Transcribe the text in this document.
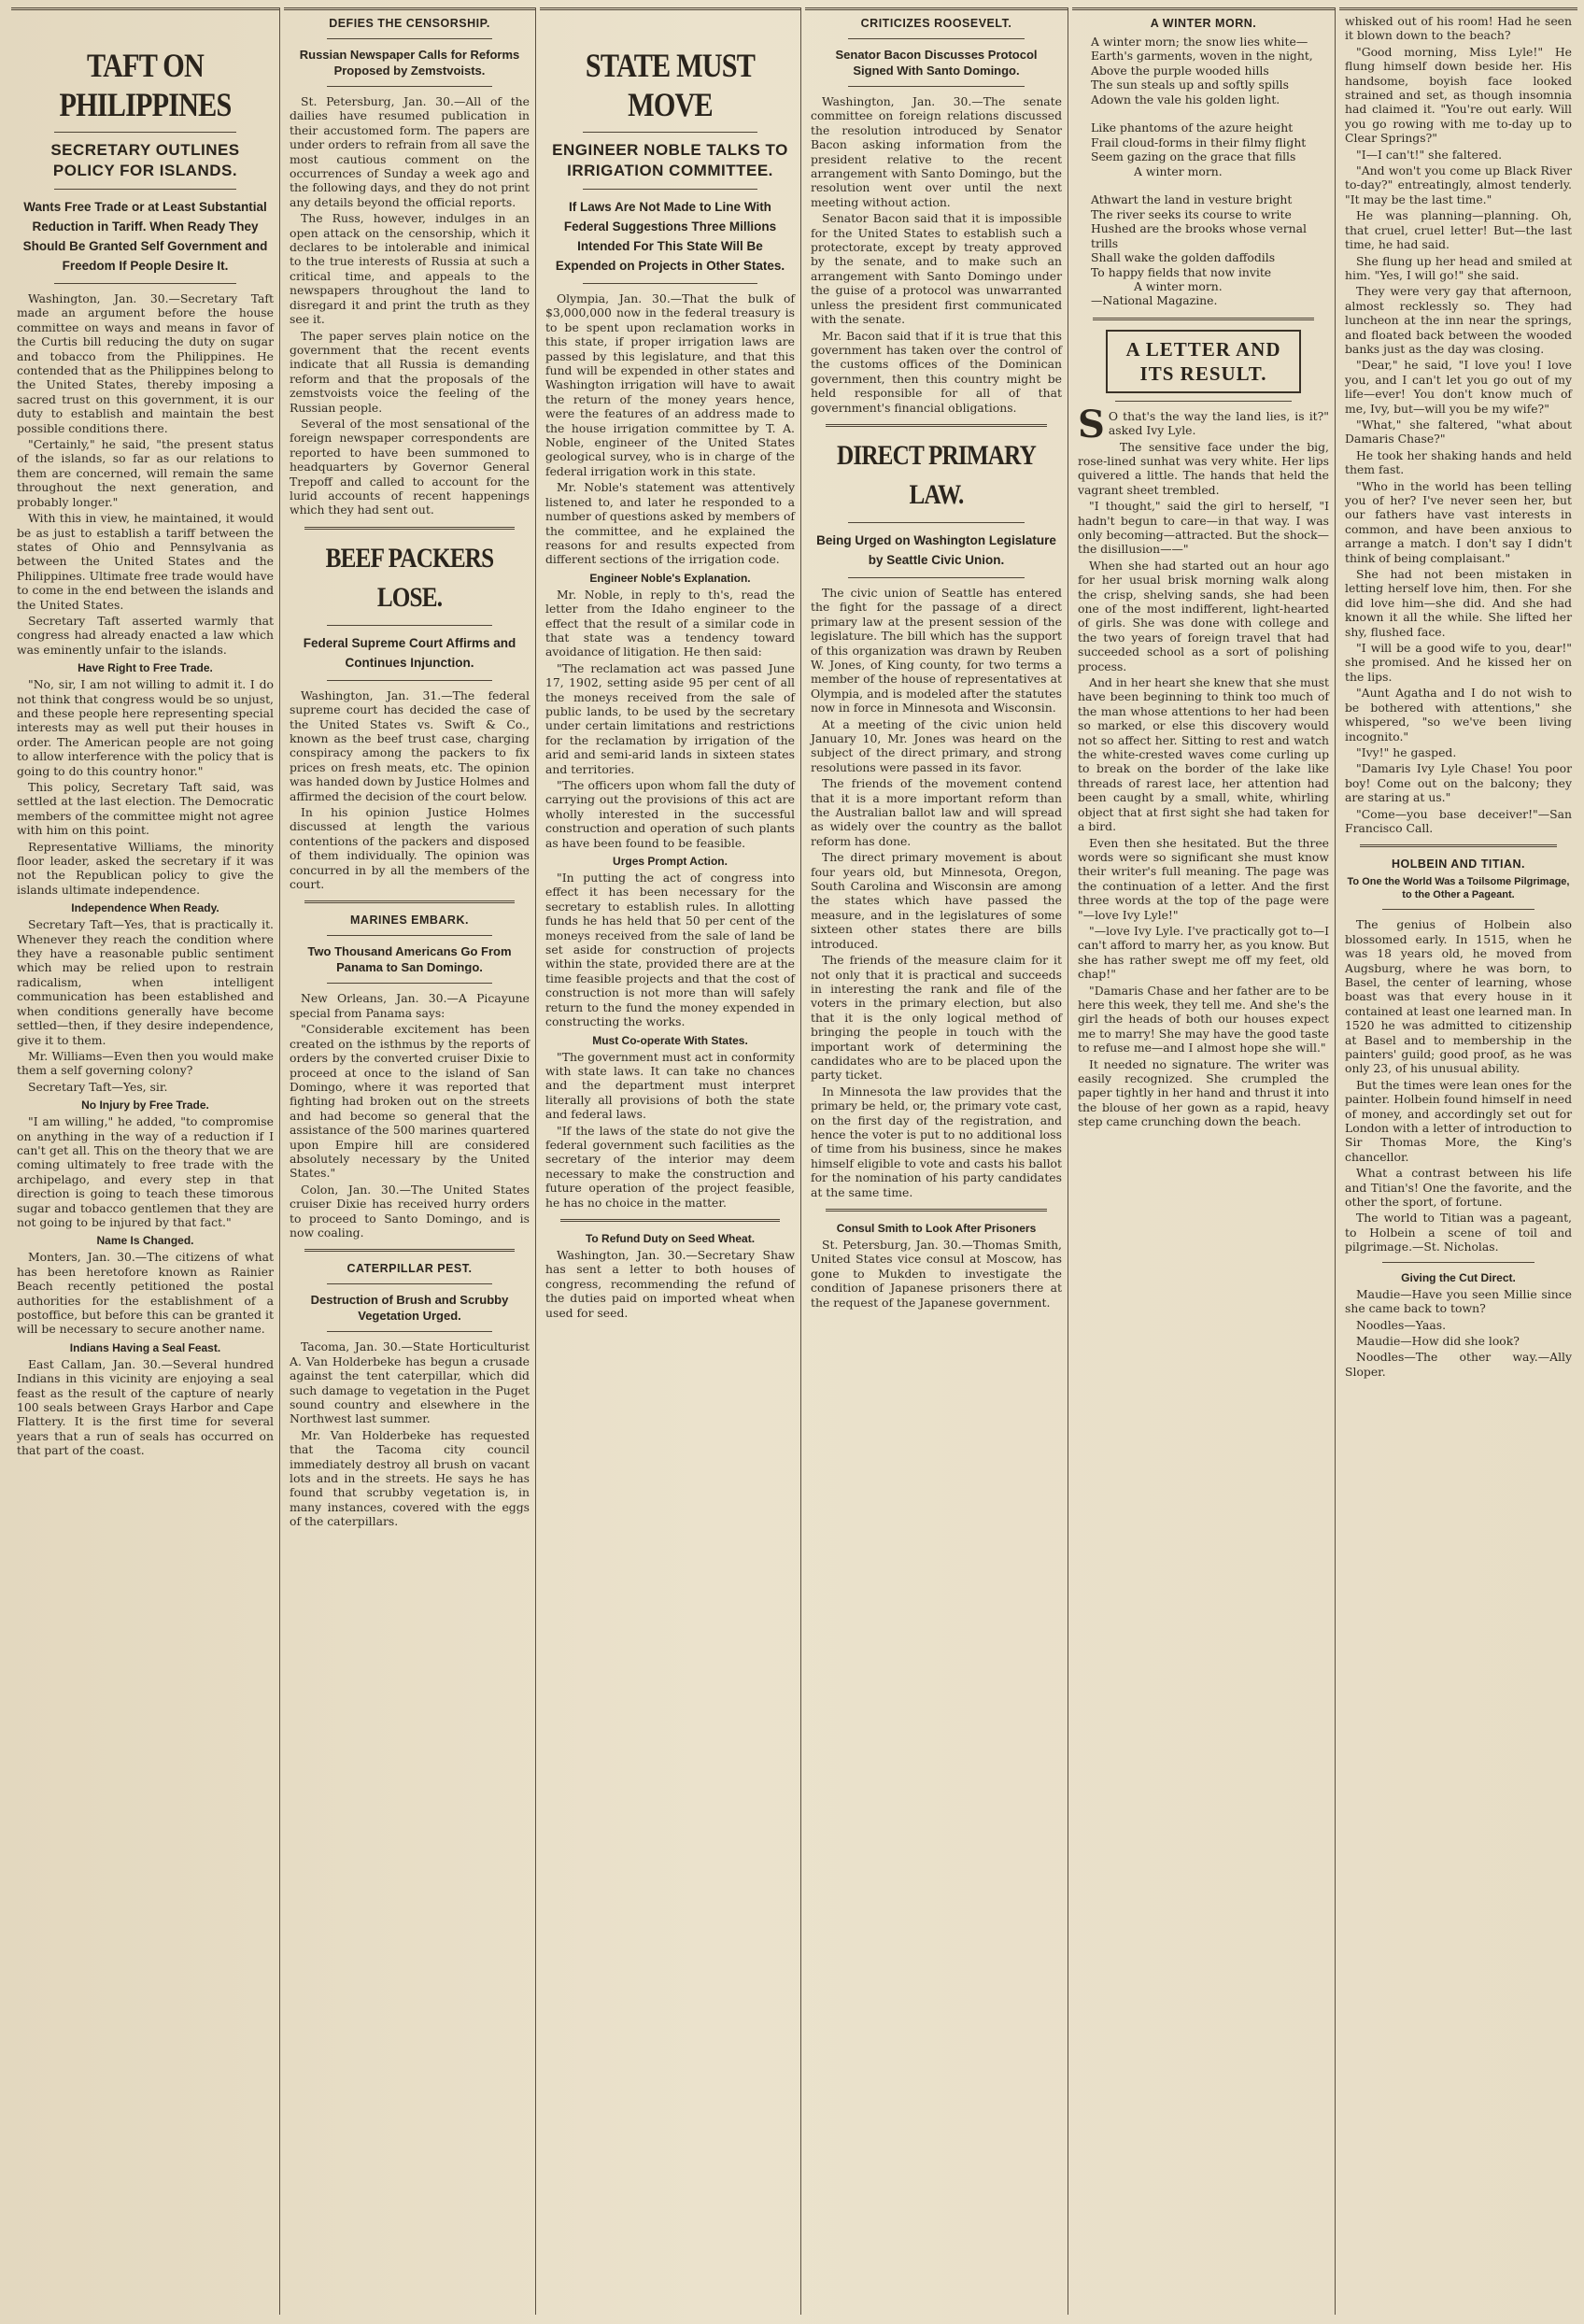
TAFT ON PHILIPPINES
SECRETARY OUTLINES POLICY FOR ISLANDS.
Wants Free Trade or at Least Substantial Reduction in Tariff. When Ready They Should Be Granted Self Government and Freedom If People Desire It.

Washington, Jan. 30.—Secretary Taft made an argument before the house committee on ways and means in favor of the Curtis bill reducing the duty on sugar and tobacco from the Philippines. He contended that as the Philippines belong to the United States, thereby imposing a sacred trust on this government, it is our duty to establish and maintain the best possible conditions there.

"Certainly," he said, "the present status of the islands, so far as our relations to them are concerned, will remain the same throughout the next generation, and probably longer."

With this in view, he maintained, it would be as just to establish a tariff between the states of Ohio and Pennsylvania as between the United States and the Philippines. Ultimate free trade would have to come in the end between the islands and the United States.

Secretary Taft asserted warmly that congress had already enacted a law which was eminently unfair to the islands.

Have Right to Free Trade.

"No, sir, I am not willing to admit it. I do not think that congress would be so unjust, and these people here representing special interests may as well put their houses in order. The American people are not going to allow interference with the policy that is going to do this country honor."

This policy, Secretary Taft said, was settled at the last election. The Democratic members of the committee might not agree with him on this point.

Representative Williams, the minority floor leader, asked the secretary if it was not the Republican policy to give the islands ultimate independence.

Independence When Ready.

Secretary Taft—Yes, that is practically it. Whenever they reach the condition where they have a reasonable public sentiment which may be relied upon to restrain radicalism, when intelligent communication has been established and when conditions generally have become settled—then, if they desire independence, give it to them.

Mr. Williams—Even then you would make them a self governing colony?

Secretary Taft—Yes, sir.

No Injury by Free Trade.

"I am willing," he added, "to compromise on anything in the way of a reduction if I can't get all. This on the theory that we are coming ultimately to free trade with the archipelago, and every step in that direction is going to teach these timorous sugar and tobacco gentlemen that they are not going to be injured by that fact."

Name Is Changed.

Monters, Jan. 30.—The citizens of what has been heretofore known as Rainier Beach recently petitioned the postal authorities for the establishment of a postoffice, but before this can be granted it will be necessary to secure another name.

Indians Having a Seal Feast.

East Callam, Jan. 30.—Several hundred Indians in this vicinity are enjoying a seal feast as the result of the capture of nearly 100 seals between Grays Harbor and Cape Flattery. It is the first time for several years that a run of seals has occurred on that part of the coast.

DEFIES THE CENSORSHIP.
Russian Newspaper Calls for Reforms Proposed by Zemstvoists.

St. Petersburg, Jan. 30.—All of the dailies have resumed publication in their accustomed form. The papers are under orders to refrain from all save the most cautious comment on the occurrences of Sunday a week ago and the following days, and they do not print any details beyond the official reports.

The Russ, however, indulges in an open attack on the censorship, which it declares to be intolerable and inimical to the true interests of Russia at such a critical time, and appeals to the newspapers throughout the land to disregard it and print the truth as they see it.

The paper serves plain notice on the government that the recent events indicate that all Russia is demanding reform and that the proposals of the zemstvoists voice the feeling of the Russian people.

Several of the most sensational of the foreign newspaper correspondents are reported to have been summoned to headquarters by Governor General Trepoff and called to account for the lurid accounts of recent happenings which they had sent out.

BEEF PACKERS LOSE.
Federal Supreme Court Affirms and Continues Injunction.

Washington, Jan. 31.—The federal supreme court has decided the case of the United States vs. Swift & Co., known as the beef trust case, charging conspiracy among the packers to fix prices on fresh meats, etc. The opinion was handed down by Justice Holmes and affirmed the decision of the court below.

In his opinion Justice Holmes discussed at length the various contentions of the packers and disposed of them individually. The opinion was concurred in by all the members of the court.

MARINES EMBARK.
Two Thousand Americans Go From Panama to San Domingo.

New Orleans, Jan. 30.—A Picayune special from Panama says:

"Considerable excitement has been created on the isthmus by the reports of orders by the converted cruiser Dixie to proceed at once to the island of San Domingo, where it was reported that fighting had broken out on the streets and had become so general that the assistance of the 500 marines quartered upon Empire hill are considered absolutely necessary by the United States."

Colon, Jan. 30.—The United States cruiser Dixie has received hurry orders to proceed to Santo Domingo, and is now coaling.

CATERPILLAR PEST.
Destruction of Brush and Scrubby Vegetation Urged.

Tacoma, Jan. 30.—State Horticulturist A. Van Holderbeke has begun a crusade against the tent caterpillar, which did such damage to vegetation in the Puget sound country and elsewhere in the Northwest last summer.

Mr. Van Holderbeke has requested that the Tacoma city council immediately destroy all brush on vacant lots and in the streets. He says he has found that scrubby vegetation is, in many instances, covered with the eggs of the caterpillars.

STATE MUST MOVE
ENGINEER NOBLE TALKS TO IRRIGATION COMMITTEE.
If Laws Are Not Made to Line With Federal Suggestions Three Millions Intended For This State Will Be Expended on Projects in Other States.

Olympia, Jan. 30.—That the bulk of $3,000,000 now in the federal treasury is to be spent upon reclamation works in this state, if proper irrigation laws are passed by this legislature, and that this fund will be expended in other states and Washington irrigation will have to await the return of the money years hence, were the features of an address made to the house irrigation committee by T. A. Noble, engineer of the United States geological survey, who is in charge of the federal irrigation work in this state.

Mr. Noble's statement was attentively listened to, and later he responded to a number of questions asked by members of the committee, and he explained the reasons for and results expected from different sections of the irrigation code.

Engineer Noble's Explanation.

Mr. Noble, in reply to th's, read the letter from the Idaho engineer to the effect that the result of a similar code in that state was a tendency toward avoidance of litigation. He then said:

"The reclamation act was passed June 17, 1902, setting aside 95 per cent of all the moneys received from the sale of public lands, to be used by the secretary under certain limitations and restrictions for the reclamation by irrigation of the arid and semi-arid lands in sixteen states and territories.

"The officers upon whom fall the duty of carrying out the provisions of this act are wholly interested in the successful construction and operation of such plants as have been found to be feasible.

Urges Prompt Action.

"In putting the act of congress into effect it has been necessary for the secretary to establish rules. In allotting funds he has held that 50 per cent of the moneys received from the sale of land be set aside for construction of projects within the state, provided there are at the time feasible projects and that the cost of construction is not more than will safely return to the fund the money expended in constructing the works.

Must Co-operate With States.

"The government must act in conformity with state laws. It can take no chances and the department must interpret literally all provisions of both the state and federal laws.

"If the laws of the state do not give the federal government such facilities as the secretary of the interior may deem necessary to make the construction and future operation of the project feasible, he has no choice in the matter.

To Refund Duty on Seed Wheat.

Washington, Jan. 30.—Secretary Shaw has sent a letter to both houses of congress, recommending the refund of the duties paid on imported wheat when used for seed.

CRITICIZES ROOSEVELT.
Senator Bacon Discusses Protocol Signed With Santo Domingo.

Washington, Jan. 30.—The senate committee on foreign relations discussed the resolution introduced by Senator Bacon asking information from the president relative to the recent arrangement with Santo Domingo, but the resolution went over until the next meeting without action.

Senator Bacon said that it is impossible for the United States to establish such a protectorate, except by treaty approved by the senate, and to make such an arrangement with Santo Domingo under the guise of a protocol was unwarranted unless the president first communicated with the senate.

Mr. Bacon said that if it is true that this government has taken over the control of the customs offices of the Dominican government, then this country might be held responsible for all of that government's financial obligations.

DIRECT PRIMARY LAW.
Being Urged on Washington Legislature by Seattle Civic Union.

The civic union of Seattle has entered the fight for the passage of a direct primary law at the present session of the legislature. The bill which has the support of this organization was drawn by Reuben W. Jones, of King county, for two terms a member of the house of representatives at Olympia, and is modeled after the statutes now in force in Minnesota and Wisconsin.

At a meeting of the civic union held January 10, Mr. Jones was heard on the subject of the direct primary, and strong resolutions were passed in its favor.

The friends of the movement contend that it is a more important reform than the Australian ballot law and will spread as widely over the country as the ballot reform has done.

The direct primary movement is about four years old, but Minnesota, Oregon, South Carolina and Wisconsin are among the states which have passed the measure, and in the legislatures of some sixteen other states there are bills introduced.

The friends of the measure claim for it not only that it is practical and succeeds in interesting the rank and file of the voters in the primary election, but also that it is the only logical method of bringing the people in touch with the important work of determining the candidates who are to be placed upon the party ticket.

In Minnesota the law provides that the primary be held, or, the primary vote cast, on the first day of the registration, and hence the voter is put to no additional loss of time from his business, since he makes himself eligible to vote and casts his ballot for the nomination of his party candidates at the same time.

Consul Smith to Look After Prisoners

St. Petersburg, Jan. 30.—Thomas Smith, United States vice consul at Moscow, has gone to Mukden to investigate the condition of Japanese prisoners there at the request of the Japanese government.

A WINTER MORN.

A winter morn; the snow lies white—

Earth's garments, woven in the night,

Above the purple wooded hills

The sun steals up and softly spills

Adown the vale his golden light.

Like phantoms of the azure height

Frail cloud-forms in their filmy flight

Seem gazing on the grace that fills

A winter morn.

Athwart the land in vesture bright

The river seeks its course to write

Hushed are the brooks whose vernal trills

Shall wake the golden daffodils

To happy fields that now invite

A winter morn.

—National Magazine.

A LETTER AND ITS RESULT.

SO that's the way the land lies, is it?" asked Ivy Lyle.

The sensitive face under the big, rose-lined sunhat was very white. Her lips quivered a little. The hands that held the vagrant sheet trembled.

"I thought," said the girl to herself, "I hadn't begun to care—in that way. I was only becoming—attracted. But the shock—the disillusion——"

When she had started out an hour ago for her usual brisk morning walk along the crisp, shelving sands, she had been one of the most indifferent, light-hearted of girls. She was done with college and the two years of foreign travel that had succeeded school as a sort of polishing process.

And in her heart she knew that she must have been beginning to think too much of the man whose attentions to her had been so marked, or else this discovery would not so affect her. Sitting to rest and watch the white-crested waves come curling up to break on the border of the lake like threads of rarest lace, her attention had been caught by a small, white, whirling object that at first sight she had taken for a bird.

Even then she hesitated. But the three words were so significant she must know their writer's full meaning. The page was the continuation of a letter. And the first three words at the top of the page were "—love Ivy Lyle!"

"—love Ivy Lyle. I've practically got to—I can't afford to marry her, as you know. But she has rather swept me off my feet, old chap!"

"Damaris Chase and her father are to be here this week, they tell me. And she's the girl the heads of both our houses expect me to marry! She may have the good taste to refuse me—and I almost hope she will."

It needed no signature. The writer was easily recognized. She crumpled the paper tightly in her hand and thrust it into the blouse of her gown as a rapid, heavy step came crunching down the beach.

whisked out of his room! Had he seen it blown down to the beach?

"Good morning, Miss Lyle!" He flung himself down beside her. His handsome, boyish face looked strained and set, as though insomnia had claimed it. "You're out early. Will you go rowing with me to-day up to Clear Springs?"

"I—I can't!" she faltered.

"And won't you come up Black River to-day?" entreatingly, almost tenderly. "It may be the last time."

He was planning—planning. Oh, that cruel, cruel letter! But—the last time, he had said.

She flung up her head and smiled at him. "Yes, I will go!" she said.

They were very gay that afternoon, almost recklessly so. They had luncheon at the inn near the springs, and floated back between the wooded banks just as the day was closing.

"Dear," he said, "I love you! I love you, and I can't let you go out of my life—ever! You don't know much of me, Ivy, but—will you be my wife?"

"What," she faltered, "what about Damaris Chase?"

He took her shaking hands and held them fast.

"Who in the world has been telling you of her? I've never seen her, but our fathers have vast interests in common, and have been anxious to arrange a match. I don't say I didn't think of being complaisant."

She had not been mistaken in letting herself love him, then. For she did love him—she did. And she had known it all the while. She lifted her shy, flushed face.

"I will be a good wife to you, dear!" she promised. And he kissed her on the lips.

"Aunt Agatha and I do not wish to be bothered with attentions," she whispered, "so we've been living incognito."

"Ivy!" he gasped.

"Damaris Ivy Lyle Chase! You poor boy! Come out on the balcony; they are staring at us."

"Come—you base deceiver!"—San Francisco Call.

HOLBEIN AND TITIAN.
To One the World Was a Toilsome Pilgrimage, to the Other a Pageant.

The genius of Holbein also blossomed early. In 1515, when he was 18 years old, he moved from Augsburg, where he was born, to Basel, the center of learning, whose boast was that every house in it contained at least one learned man. In 1520 he was admitted to citizenship at Basel and to membership in the painters' guild; good proof, as he was only 23, of his unusual ability.

But the times were lean ones for the painter. Holbein found himself in need of money, and accordingly set out for London with a letter of introduction to Sir Thomas More, the King's chancellor.

What a contrast between his life and Titian's! One the favorite, and the other the sport, of fortune.

The world to Titian was a pageant, to Holbein a scene of toil and pilgrimage.—St. Nicholas.

Giving the Cut Direct.

Maudie—Have you seen Millie since she came back to town?

Noodles—Yaas.

Maudie—How did she look?

Noodles—The other way.—Ally Sloper.
